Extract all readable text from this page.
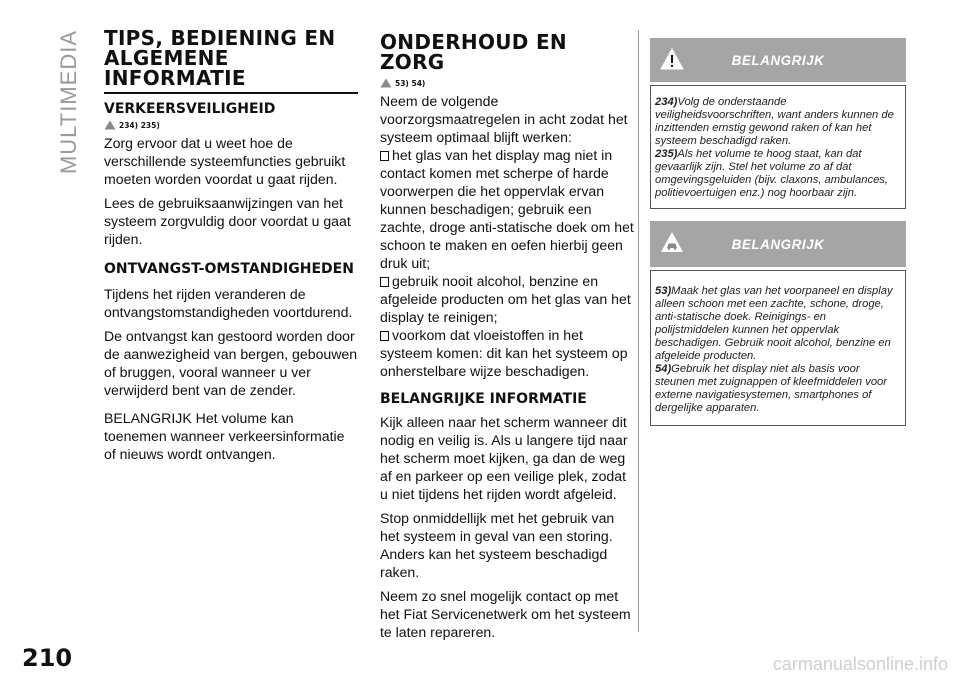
MULTIMEDIA
210	carmanualsonline.info
TIPS, BEDIENING EN ALGEMENE INFORMATIE
VERKEERSVEILIGHEID
234) 235)

Zorg ervoor dat u weet hoe de verschillende systeemfuncties gebruikt moeten worden voordat u gaat rijden.

Lees de gebruiksaanwijzingen van het systeem zorgvuldig door voordat u gaat rijden.

ONTVANGST-OMSTANDIGHEDEN

Tijdens het rijden veranderen de ontvangstomstandigheden voortdurend.

De ontvangst kan gestoord worden door de aanwezigheid van bergen, gebouwen of bruggen, vooral wanneer u ver verwijderd bent van de zender.

BELANGRIJK Het volume kan toenemen wanneer verkeersinformatie of nieuws wordt ontvangen.

ONDERHOUD EN ZORG
53) 54)

Neem de volgende voorzorgsmaatregelen in acht zodat het systeem optimaal blijft werken:

het glas van het display mag niet in contact komen met scherpe of harde voorwerpen die het oppervlak ervan kunnen beschadigen; gebruik een zachte, droge anti-statische doek om het schoon te maken en oefen hierbij geen druk uit;

gebruik nooit alcohol, benzine en afgeleide producten om het glas van het display te reinigen;

voorkom dat vloeistoffen in het systeem komen: dit kan het systeem op onherstelbare wijze beschadigen.

BELANGRIJKE INFORMATIE

Kijk alleen naar het scherm wanneer dit nodig en veilig is. Als u langere tijd naar het scherm moet kijken, ga dan de weg af en parkeer op een veilige plek, zodat u niet tijdens het rijden wordt afgeleid.

Stop onmiddellijk met het gebruik van het systeem in geval van een storing. Anders kan het systeem beschadigd raken.

Neem zo snel mogelijk contact op met het Fiat Servicenetwerk om het systeem te laten repareren.

BELANGRIJK

234)Volg de onderstaande veiligheidsvoorschriften, want anders kunnen de inzittenden ernstig gewond raken of kan het systeem beschadigd raken.

235)Als het volume te hoog staat, kan dat gevaarlijk zijn. Stel het volume zo af dat omgevingsgeluiden (bijv. claxons, ambulances, politievoertuigen enz.) nog hoorbaar zijn.

BELANGRIJK

53)Maak het glas van het voorpaneel en display alleen schoon met een zachte, schone, droge, anti-statische doek. Reinigings- en polijstmiddelen kunnen het oppervlak beschadigen. Gebruik nooit alcohol, benzine en afgeleide producten.

54)Gebruik het display niet als basis voor steunen met zuignappen of kleefmiddelen voor externe navigatiesystemen, smartphones of dergelijke apparaten.
